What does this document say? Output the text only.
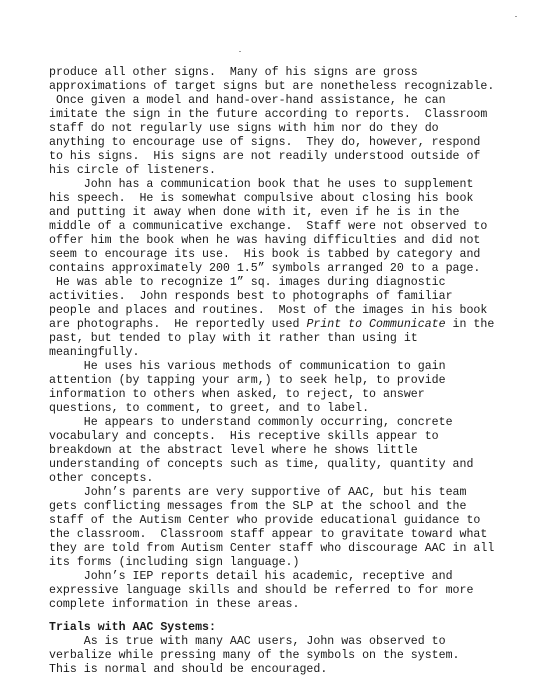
produce all other signs.  Many of his signs are gross
approximations of target signs but are nonetheless recognizable.
Once given a model and hand-over-hand assistance, he can
imitate the sign in the future according to reports.  Classroom
staff do not regularly use signs with him nor do they do
anything to encourage use of signs.  They do, however, respond
to his signs.  His signs are not readily understood outside of
his circle of listeners.
John has a communication book that he uses to supplement
his speech.  He is somewhat compulsive about closing his book
and putting it away when done with it, even if he is in the
middle of a communicative exchange.  Staff were not observed to
offer him the book when he was having difficulties and did not
seem to encourage its use.  His book is tabbed by category and
contains approximately 200 1.5” symbols arranged 20 to a page.
He was able to recognize 1” sq. images during diagnostic
activities.  John responds best to photographs of familiar
people and places and routines.  Most of the images in his book
are photographs.  He reportedly used Print to Communicate in the
past, but tended to play with it rather than using it
meaningfully.
He uses his various methods of communication to gain
attention (by tapping your arm,) to seek help, to provide
information to others when asked, to reject, to answer
questions, to comment, to greet, and to label.
He appears to understand commonly occurring, concrete
vocabulary and concepts.  His receptive skills appear to
breakdown at the abstract level where he shows little
understanding of concepts such as time, quality, quantity and
other concepts.
John’s parents are very supportive of AAC, but his team
gets conflicting messages from the SLP at the school and the
staff of the Autism Center who provide educational guidance to
the classroom.  Classroom staff appear to gravitate toward what
they are told from Autism Center staff who discourage AAC in all
its forms (including sign language.)
John’s IEP reports detail his academic, receptive and
expressive language skills and should be referred to for more
complete information in these areas.
Trials with AAC Systems:
As is true with many AAC users, John was observed to
verbalize while pressing many of the symbols on the system.
This is normal and should be encouraged.
